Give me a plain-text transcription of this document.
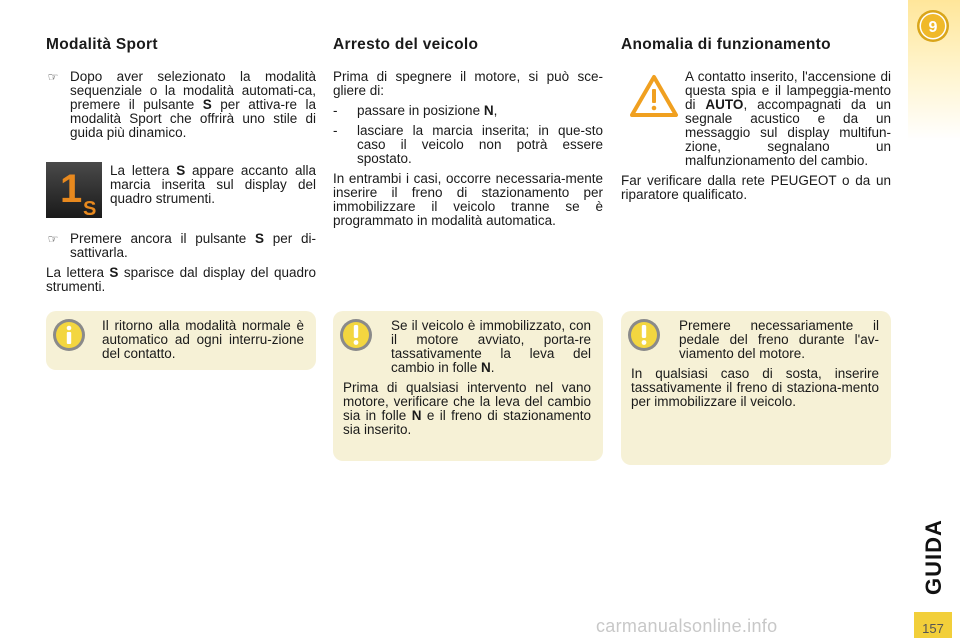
Modalità Sport

☞ Dopo aver selezionato la modalità sequenziale o la modalità automati-ca, premere il pulsante S per attiva-re la modalità Sport che offrirà uno stile di guida più dinamico.

1 S

La lettera S appare accanto alla marcia inserita sul display del quadro strumenti.

☞ Premere ancora il pulsante S per di-sattivarla.

La lettera S sparisce dal display del quadro strumenti.

Il ritorno alla modalità normale è automatico ad ogni interru-zione del contatto.

Arresto del veicolo

Prima di spegnere il motore, si può sce-gliere di:

- passare in posizione N,

- lasciare la marcia inserita; in que-sto caso il veicolo non potrà essere spostato.

In entrambi i casi, occorre necessaria-mente inserire il freno di stazionamento per immobilizzare il veicolo tranne se è programmato in modalità automatica.

Se il veicolo è immobilizzato, con il motore avviato, porta-re tassativamente la leva del cambio in folle N.

Prima di qualsiasi intervento nel vano motore, verificare che la leva del cambio sia in folle N e il freno di stazionamento sia inserito.

Anomalia di funzionamento

A contatto inserito, l'accensione di questa spia e il lampeggia-mento di AUTO, accompagnati da un segnale acustico e da un messaggio sul display multifun-zione, segnalano un malfunzionamento del cambio.

Far verificare dalla rete PEUGEOT o da un riparatore qualificato.

Premere necessariamente il pedale del freno durante l'av-viamento del motore.

In qualsiasi caso di sosta, inserire tassativamente il freno di staziona-mento per immobilizzare il veicolo.

9
GUIDA
157
carmanualsonline.info
